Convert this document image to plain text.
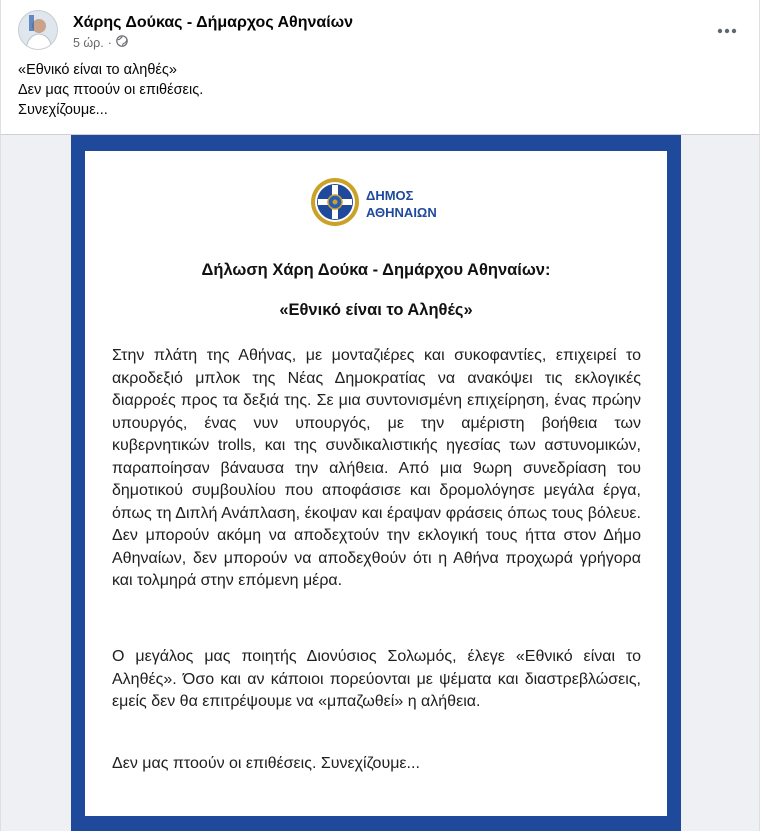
Χάρης Δούκας - Δήμαρχος Αθηναίων
5 ώρ. ·
«Εθνικό είναι το αληθές»
Δεν μας πτοούν οι επιθέσεις.
Συνεχίζουμε...
ΔΗΜΟΣ
ΑΘΗΝΑΙΩΝ
Δήλωση Χάρη Δούκα - Δημάρχου Αθηναίων:
«Εθνικό είναι το Αληθές»
Στην πλάτη της Αθήνας, με μονταζιέρες και συκοφαντίες, επιχειρεί το ακροδεξιό μπλοκ της Νέας Δημοκρατίας να ανακόψει τις εκλογικές διαρροές προς τα δεξιά της. Σε μια συντονισμένη επιχείρηση, ένας πρώην υπουργός, ένας νυν υπουργός, με την αμέριστη βοήθεια των κυβερνητικών trolls, και της συνδικαλιστικής ηγεσίας των αστυνομικών, παραποίησαν βάναυσα την αλήθεια. Από μια 9ωρη συνεδρίαση του δημοτικού συμβουλίου που αποφάσισε και δρομολόγησε μεγάλα έργα, όπως τη Διπλή Ανάπλαση, έκοψαν και έραψαν φράσεις όπως τους βόλευε. Δεν μπορούν ακόμη να αποδεχτούν την εκλογική τους ήττα στον Δήμο Αθηναίων, δεν μπορούν να αποδεχθούν ότι η Αθήνα προχωρά γρήγορα και τολμηρά στην επόμενη μέρα.
Ο μεγάλος μας ποιητής Διονύσιος Σολωμός, έλεγε «Εθνικό είναι το Αληθές». Όσο και αν κάποιοι πορεύονται με ψέματα και διαστρεβλώσεις, εμείς δεν θα επιτρέψουμε να «μπαζωθεί» η αλήθεια.
Δεν μας πτοούν οι επιθέσεις. Συνεχίζουμε...
